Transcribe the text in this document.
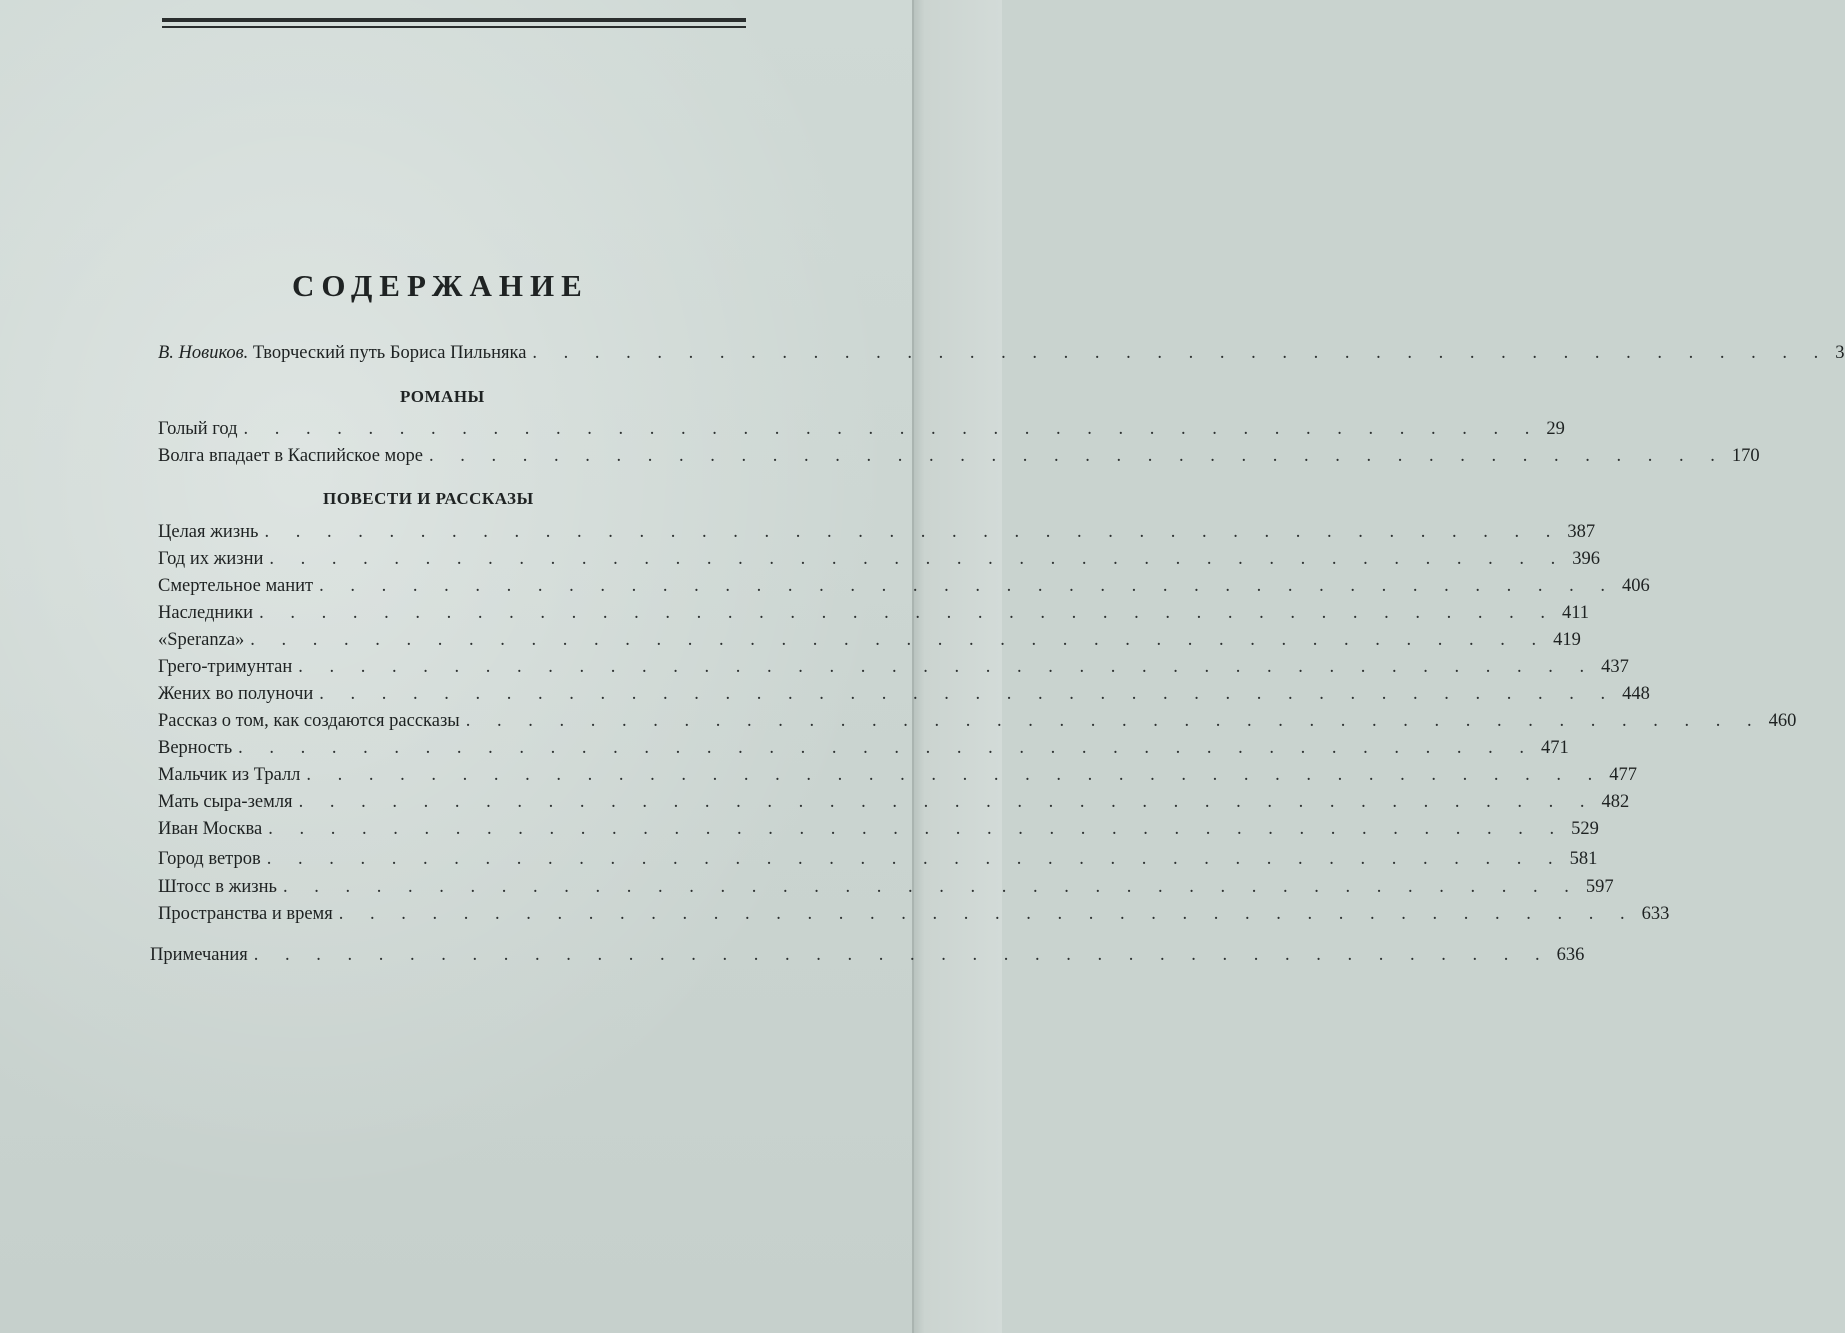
СОДЕРЖАНИЕ
В. Новиков. Творческий путь Бориса Пильняка . . . . . . . . . . . . . . . . . . . . . . . . . . . . . . . . . . . . . . . . . . 3
РОМАНЫ
Голый год . . . . . . . . . . . . . . . . . . . . . . . . . . . . . . . . . . . . . . . . . . 29
Волга впадает в Каспийское море . . . . . . . . . . . . . . . . . . . . . . . . . . . . . . . . . . . . . . . . . . 170
ПОВЕСТИ И РАССКАЗЫ
Целая жизнь . . . . . . . . . . . . . . . . . . . . . . . . . . . . . . . . . . . . . . . . . . 387
Год их жизни . . . . . . . . . . . . . . . . . . . . . . . . . . . . . . . . . . . . . . . . . . 396
Смертельное манит . . . . . . . . . . . . . . . . . . . . . . . . . . . . . . . . . . . . . . . . . . 406
Наследники . . . . . . . . . . . . . . . . . . . . . . . . . . . . . . . . . . . . . . . . . . 411
«Speranza» . . . . . . . . . . . . . . . . . . . . . . . . . . . . . . . . . . . . . . . . . . 419
Грего-тримунтан . . . . . . . . . . . . . . . . . . . . . . . . . . . . . . . . . . . . . . . . . . 437
Жених во полуночи . . . . . . . . . . . . . . . . . . . . . . . . . . . . . . . . . . . . . . . . . . 448
Рассказ о том, как создаются рассказы . . . . . . . . . . . . . . . . . . . . . . . . . . . . . . . . . . . . . . . . . . 460
Верность . . . . . . . . . . . . . . . . . . . . . . . . . . . . . . . . . . . . . . . . . . 471
Мальчик из Тралл . . . . . . . . . . . . . . . . . . . . . . . . . . . . . . . . . . . . . . . . . . 477
Мать сыра-земля . . . . . . . . . . . . . . . . . . . . . . . . . . . . . . . . . . . . . . . . . . 482
Иван Москва . . . . . . . . . . . . . . . . . . . . . . . . . . . . . . . . . . . . . . . . . . 529
Город ветров . . . . . . . . . . . . . . . . . . . . . . . . . . . . . . . . . . . . . . . . . . 581
Штосс в жизнь . . . . . . . . . . . . . . . . . . . . . . . . . . . . . . . . . . . . . . . . . . 597
Пространства и время . . . . . . . . . . . . . . . . . . . . . . . . . . . . . . . . . . . . . . . . . . 633
Примечания . . . . . . . . . . . . . . . . . . . . . . . . . . . . . . . . . . . . . . . . . . 636
